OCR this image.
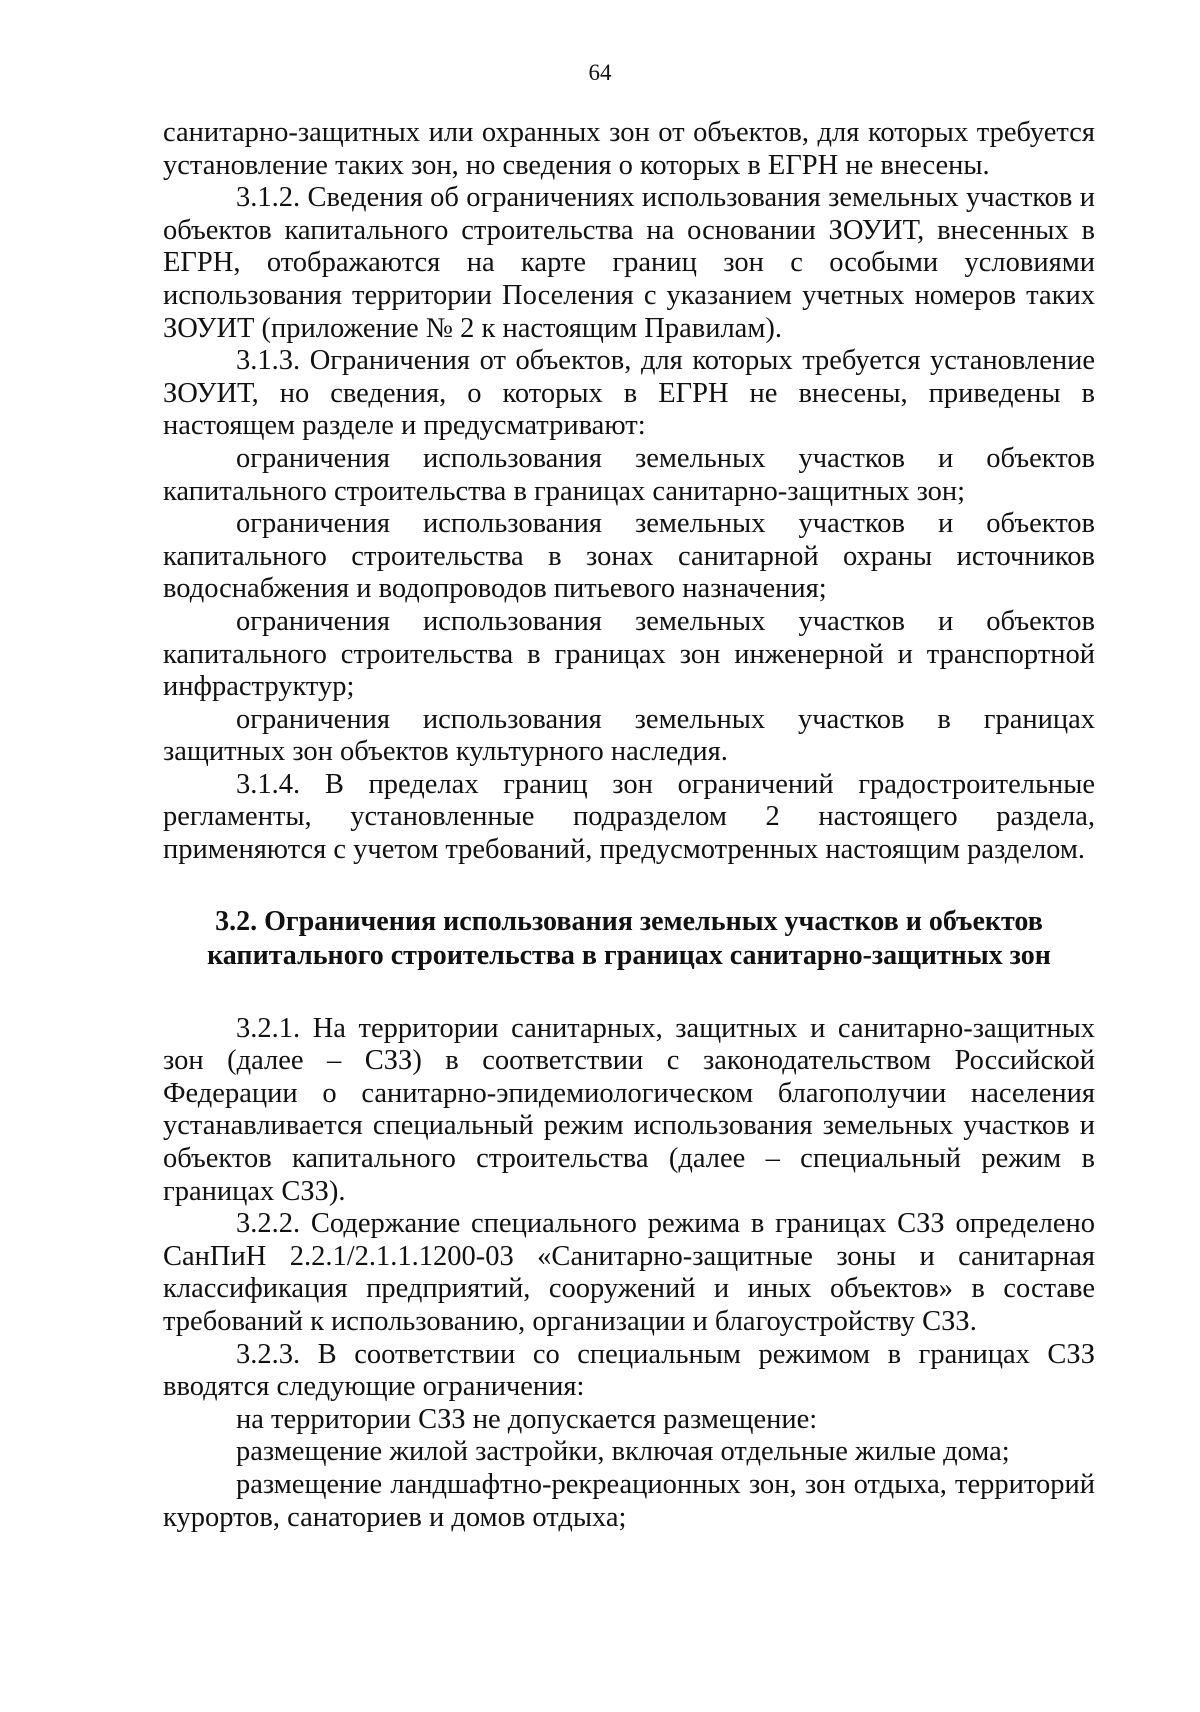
64

санитарно-защитных или охранных зон от объектов, для которых требуется установление таких зон, но сведения о которых в ЕГРН не внесены.

3.1.2. Сведения об ограничениях использования земельных участков и объектов капитального строительства на основании ЗОУИТ, внесенных в ЕГРН, отображаются на карте границ зон с особыми условиями использования территории Поселения с указанием учетных номеров таких ЗОУИТ (приложение № 2 к настоящим Правилам).

3.1.3. Ограничения от объектов, для которых требуется установление ЗОУИТ, но сведения, о которых в ЕГРН не внесены, приведены в настоящем разделе и предусматривают:

ограничения использования земельных участков и объектов капитального строительства в границах санитарно-защитных зон;

ограничения использования земельных участков и объектов капитального строительства в зонах санитарной охраны источников водоснабжения и водопроводов питьевого назначения;

ограничения использования земельных участков и объектов капитального строительства в границах зон инженерной и транспортной инфраструктур;

ограничения использования земельных участков в границах защитных зон объектов культурного наследия.

3.1.4. В пределах границ зон ограничений градостроительные регламенты, установленные подразделом 2 настоящего раздела, применяются с учетом требований, предусмотренных настоящим разделом.

3.2. Ограничения использования земельных участков и объектов
капитального строительства в границах санитарно-защитных зон

3.2.1. На территории санитарных, защитных и санитарно-защитных зон (далее – СЗЗ) в соответствии с законодательством Российской Федерации о санитарно-эпидемиологическом благополучии населения устанавливается специальный режим использования земельных участков и объектов капитального строительства (далее – специальный режим в границах СЗЗ).

3.2.2. Содержание специального режима в границах СЗЗ определено СанПиН 2.2.1/2.1.1.1200-03 «Санитарно-защитные зоны и санитарная классификация предприятий, сооружений и иных объектов» в составе требований к использованию, организации и благоустройству СЗЗ.

3.2.3. В соответствии со специальным режимом в границах СЗЗ вводятся следующие ограничения:

на территории СЗЗ не допускается размещение:

размещение жилой застройки, включая отдельные жилые дома;

размещение ландшафтно-рекреационных зон, зон отдыха, территорий курортов, санаториев и домов отдыха;
